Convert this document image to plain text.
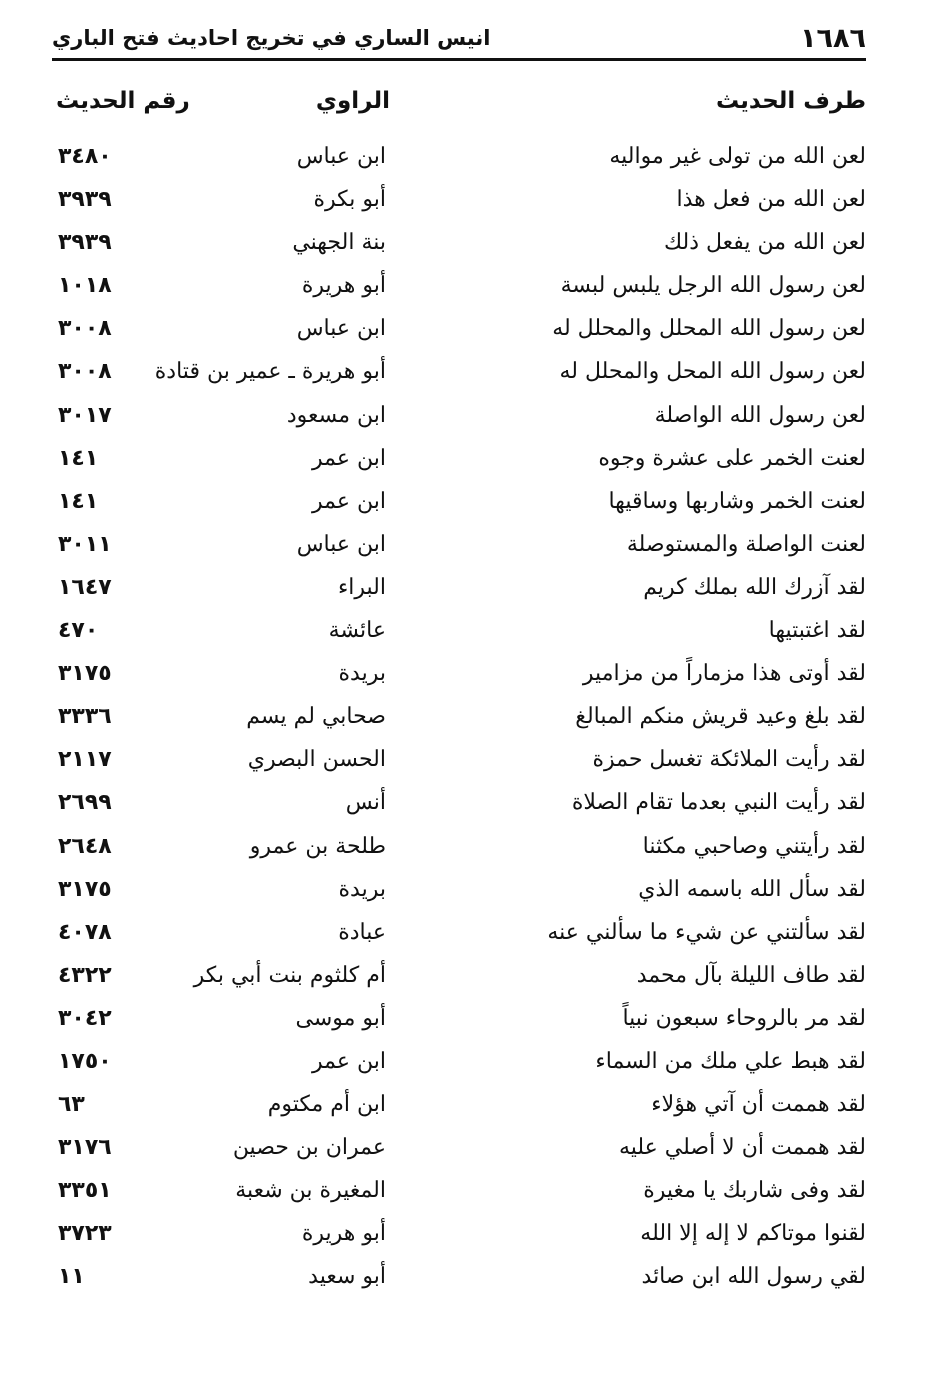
١٦٨٦
انيس الساري في تخريج احاديث فتح الباري
طرف الحديث
الراوي
رقم الحديث
لعن الله من تولى غير مواليه
ابن عباس
٣٤٨٠
لعن الله من فعل هذا
أبو بكرة
٣٩٣٩
لعن الله من يفعل ذلك
بنة الجهني
٣٩٣٩
لعن رسول الله الرجل يلبس لبسة
أبو هريرة
١٠١٨
لعن رسول الله المحلل والمحلل له
ابن عباس
٣٠٠٨
لعن رسول الله المحل والمحلل له
أبو هريرة ـ عمير بن قتادة
٣٠٠٨
لعن رسول الله الواصلة
ابن مسعود
٣٠١٧
لعنت الخمر على عشرة وجوه
ابن عمر
١٤١
لعنت الخمر وشاربها وساقيها
ابن عمر
١٤١
لعنت الواصلة والمستوصلة
ابن عباس
٣٠١١
لقد آزرك الله بملك كريم
البراء
١٦٤٧
لقد اغتبتيها
عائشة
٤٧٠
لقد أوتى هذا مزماراً من مزامير
بريدة
٣١٧٥
لقد بلغ وعيد قريش منكم المبالغ
صحابي لم يسم
٣٣٣٦
لقد رأيت الملائكة تغسل حمزة
الحسن البصري
٢١١٧
لقد رأيت النبي بعدما تقام الصلاة
أنس
٢٦٩٩
لقد رأيتني وصاحبي مكثنا
طلحة بن عمرو
٢٦٤٨
لقد سأل الله باسمه الذي
بريدة
٣١٧٥
لقد سألتني عن شيء ما سألني عنه
عبادة
٤٠٧٨
لقد طاف الليلة بآل محمد
أم كلثوم بنت أبي بكر
٤٣٢٢
لقد مر بالروحاء سبعون نبياً
أبو موسى
٣٠٤٢
لقد هبط علي ملك من السماء
ابن عمر
١٧٥٠
لقد هممت أن آتي هؤلاء
ابن أم مكتوم
٦٣
لقد هممت أن لا أصلي عليه
عمران بن حصين
٣١٧٦
لقد وفى شاربك يا مغيرة
المغيرة بن شعبة
٣٣٥١
لقنوا موتاكم لا إله إلا الله
أبو هريرة
٣٧٢٣
لقي رسول الله ابن صائد
أبو سعيد
١١
